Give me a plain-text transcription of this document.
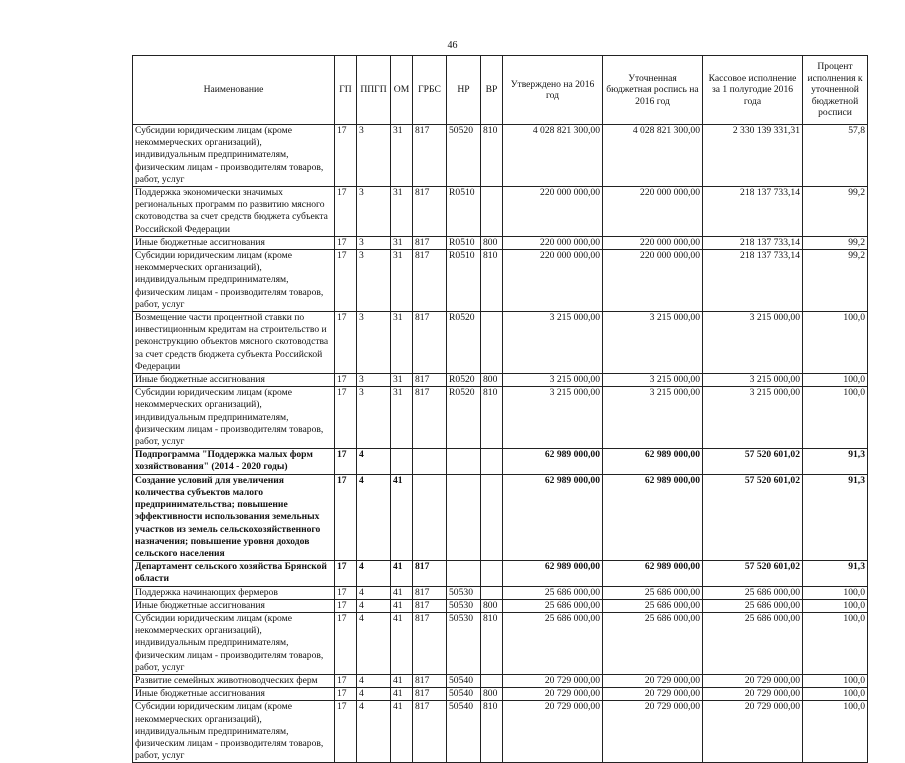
46
Наименование	ГП	ППГП	ОМ	ГРБС	НР	ВР	Утверждено на 2016 год	Уточненная бюджетная роспись на 2016 год	Кассовое исполнение за 1 полугодие 2016 года	Процент исполнения к уточненной бюджетной росписи
Субсидии юридическим лицам (кроме некоммерческих организаций), индивидуальным предпринимателям, физическим лицам - производителям товаров, работ, услуг	17	3	31	817	50520	810	4 028 821 300,00	4 028 821 300,00	2 330 139 331,31	57,8
Поддержка экономически значимых региональных программ по развитию мясного скотоводства за счет средств бюджета субъекта Российской Федерации	17	3	31	817	R0510		220 000 000,00	220 000 000,00	218 137 733,14	99,2
Иные бюджетные ассигнования	17	3	31	817	R0510	800	220 000 000,00	220 000 000,00	218 137 733,14	99,2
Субсидии юридическим лицам (кроме некоммерческих организаций), индивидуальным предпринимателям, физическим лицам - производителям товаров, работ, услуг	17	3	31	817	R0510	810	220 000 000,00	220 000 000,00	218 137 733,14	99,2
Возмещение части процентной ставки по инвестиционным кредитам на строительство и реконструкцию объектов мясного скотоводства за счет средств бюджета субъекта Российской Федерации	17	3	31	817	R0520		3 215 000,00	3 215 000,00	3 215 000,00	100,0
Иные бюджетные ассигнования	17	3	31	817	R0520	800	3 215 000,00	3 215 000,00	3 215 000,00	100,0
Субсидии юридическим лицам (кроме некоммерческих организаций), индивидуальным предпринимателям, физическим лицам - производителям товаров, работ, услуг	17	3	31	817	R0520	810	3 215 000,00	3 215 000,00	3 215 000,00	100,0
Подпрограмма "Поддержка малых форм хозяйствования" (2014 - 2020 годы)	17	4					62 989 000,00	62 989 000,00	57 520 601,02	91,3
Создание условий для увеличения количества субъектов малого предпринимательства; повышение эффективности использования земельных участков из земель сельскохозяйственного назначения; повышение уровня доходов сельского населения	17	4	41				62 989 000,00	62 989 000,00	57 520 601,02	91,3
Департамент сельского хозяйства Брянской области	17	4	41	817			62 989 000,00	62 989 000,00	57 520 601,02	91,3
Поддержка начинающих фермеров	17	4	41	817	50530		25 686 000,00	25 686 000,00	25 686 000,00	100,0
Иные бюджетные ассигнования	17	4	41	817	50530	800	25 686 000,00	25 686 000,00	25 686 000,00	100,0
Субсидии юридическим лицам (кроме некоммерческих организаций), индивидуальным предпринимателям, физическим лицам - производителям товаров, работ, услуг	17	4	41	817	50530	810	25 686 000,00	25 686 000,00	25 686 000,00	100,0
Развитие семейных животноводческих ферм	17	4	41	817	50540		20 729 000,00	20 729 000,00	20 729 000,00	100,0
Иные бюджетные ассигнования	17	4	41	817	50540	800	20 729 000,00	20 729 000,00	20 729 000,00	100,0
Субсидии юридическим лицам (кроме некоммерческих организаций), индивидуальным предпринимателям, физическим лицам - производителям товаров, работ, услуг	17	4	41	817	50540	810	20 729 000,00	20 729 000,00	20 729 000,00	100,0
